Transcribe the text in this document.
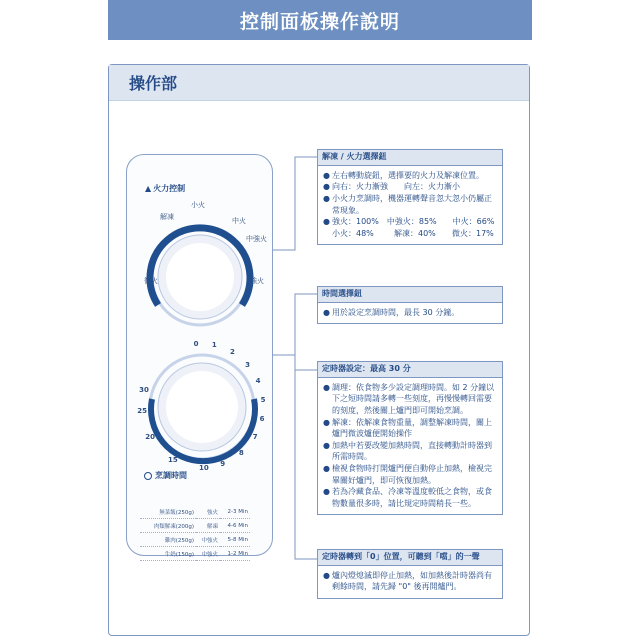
控制面板操作說明
操作部
▲ 火力控制
小火
解凍	中火
中強火
微火	強火
0 1
2
3
4
5
6
7
8
9
10
15
20
25
30
烹調時間
無菜飯(250g)	強火	2-3 Min
肉類解凍(200g)	解凍	4-6 Min
雞肉(250g)	中強火	5-8 Min
牛奶(150g)	中強火	1-2 Min
解凍 / 火力選擇鈕
● 左右轉動旋鈕，選擇要的火力及解凍位置。
● 向右：火力漸強　　向左：火力漸小
● 小火力烹調時，機器運轉聲音忽大忽小仍屬正常現象。
● 強火：100%　中強火：85%　　中火：66%
小火：48%	解凍：40%	微火：17%
時間選擇鈕
● 用於設定烹調時間，最長 30 分鐘。
定時器設定：最高 30 分
● 調理：依食物多少設定調理時間。如 2 分鐘以下之短時間請多轉一些刻度，再慢慢轉回需要的刻度，然後關上爐門即可開始烹調。
● 解凍：依解凍食物重量，調整解凍時間，關上爐門微波爐便開始操作
● 加熱中若要改變加熱時間，直接轉動計時器到所需時間。
● 檢視食物時打開爐門便自動停止加熱，檢視完畢關好爐門，即可恢復加熱。
● 若為冷藏食品、冷凍等溫度較低之食物，或食物數量很多時，請比規定時間稍長一些。
定時器轉到「0」位置，可聽到「噹」的一聲
● 爐內燈熄滅即停止加熱，如加熱後計時器尚有剩餘時間，請先歸 "0" 後再開爐門。
